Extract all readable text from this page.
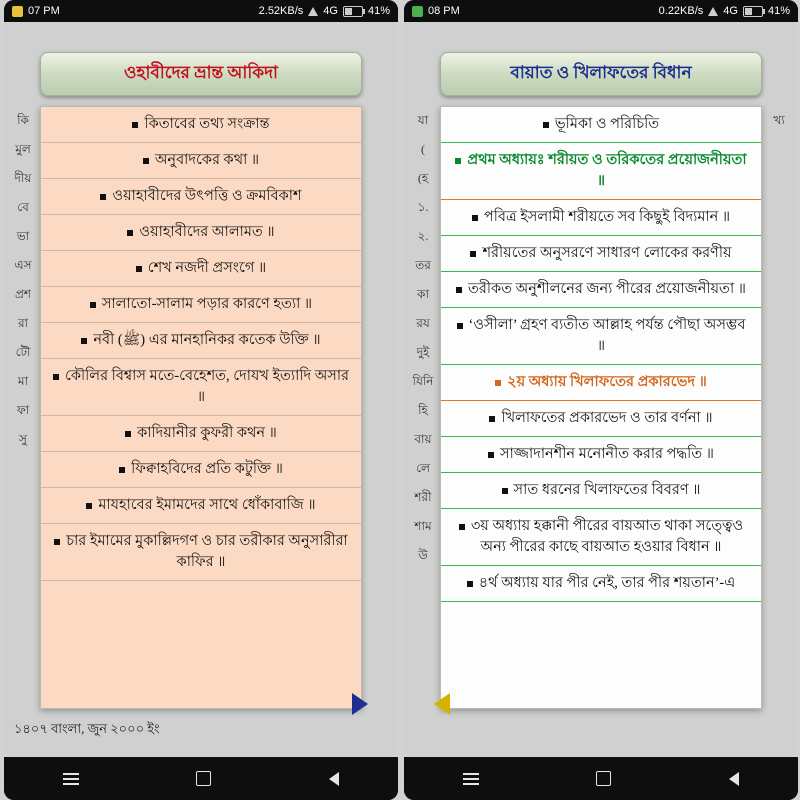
07 PM	2.52KB/s 4G	41%
কি
মুল
দীয়
বে
ভা
এস
প্রশ
রা
টৌ
মা
ফা
সু
ওহাবীদের ভ্রান্ত আকিদা
কিতাবের তথ্য সংক্রান্ত
অনুবাদকের কথা ॥
ওয়াহাবীদের উৎপত্তি ও ক্রমবিকাশ
ওয়াহাবীদের আলামত ॥
শেখ নজদী প্রসংগে ॥
সালাতো-সালাম পড়ার কারণে হত্যা ॥
নবী (ﷺ) এর মানহানিকর কতেক উক্তি ॥
কৌলির বিশ্বাস মতে-বেহেশত, দোযখ ইত্যাদি অসার ॥
কাদিয়ানীর কুফরী কথন ॥
ফিক্বাহবিদের প্রতি কটুক্তি ॥
মাযহাবের ইমামদের সাথে ধোঁকাবাজি ॥
চার ইমামের মুকাল্লিদগণ ও চার তরীকার অনুসারীরা কাফির ॥
১৪০৭ বাংলা, জুন ২০০০ ইং
08 PM	0.22KB/s 4G	41%
যা
(
(হ
১.
২.
তর
কা
রয
দুই
যিনি
হি
বায়
লে
শরী
শাম
উ
খ্য
বায়াত ও খিলাফতের বিধান
ভূমিকা ও পরিচিতি
প্রথম অধ্যায়ঃ শরীয়ত ও তরিকতের প্রয়োজনীয়তা ॥
পবিত্র ইসলামী শরীয়তে সব কিছুই বিদ্যমান ॥
শরীয়তের অনুসরণে সাধারণ লোকের করণীয়
তরীকত অনুশীলনের জন্য পীরের প্রয়োজনীয়তা ॥
‘ওসীলা’ গ্রহণ ব্যতীত আল্লাহ পর্যন্ত পৌছা অসম্ভব ॥
২য় অধ্যায় খিলাফতের প্রকারভেদ ॥
খিলাফতের প্রকারভেদ ও তার বর্ণনা ॥
সাজ্জাদানশীন মনোনীত করার পদ্ধতি ॥
সাত ধরনের খিলাফতের বিবরণ ॥
৩য় অধ্যায় হক্কানী পীরের বায়আত থাকা সত্ত্বেও অন্য পীরের কাছে বায়আত হওয়ার বিধান ॥
৪র্থ অধ্যায় যার পীর নেই, তার পীর শয়তান’-এ
